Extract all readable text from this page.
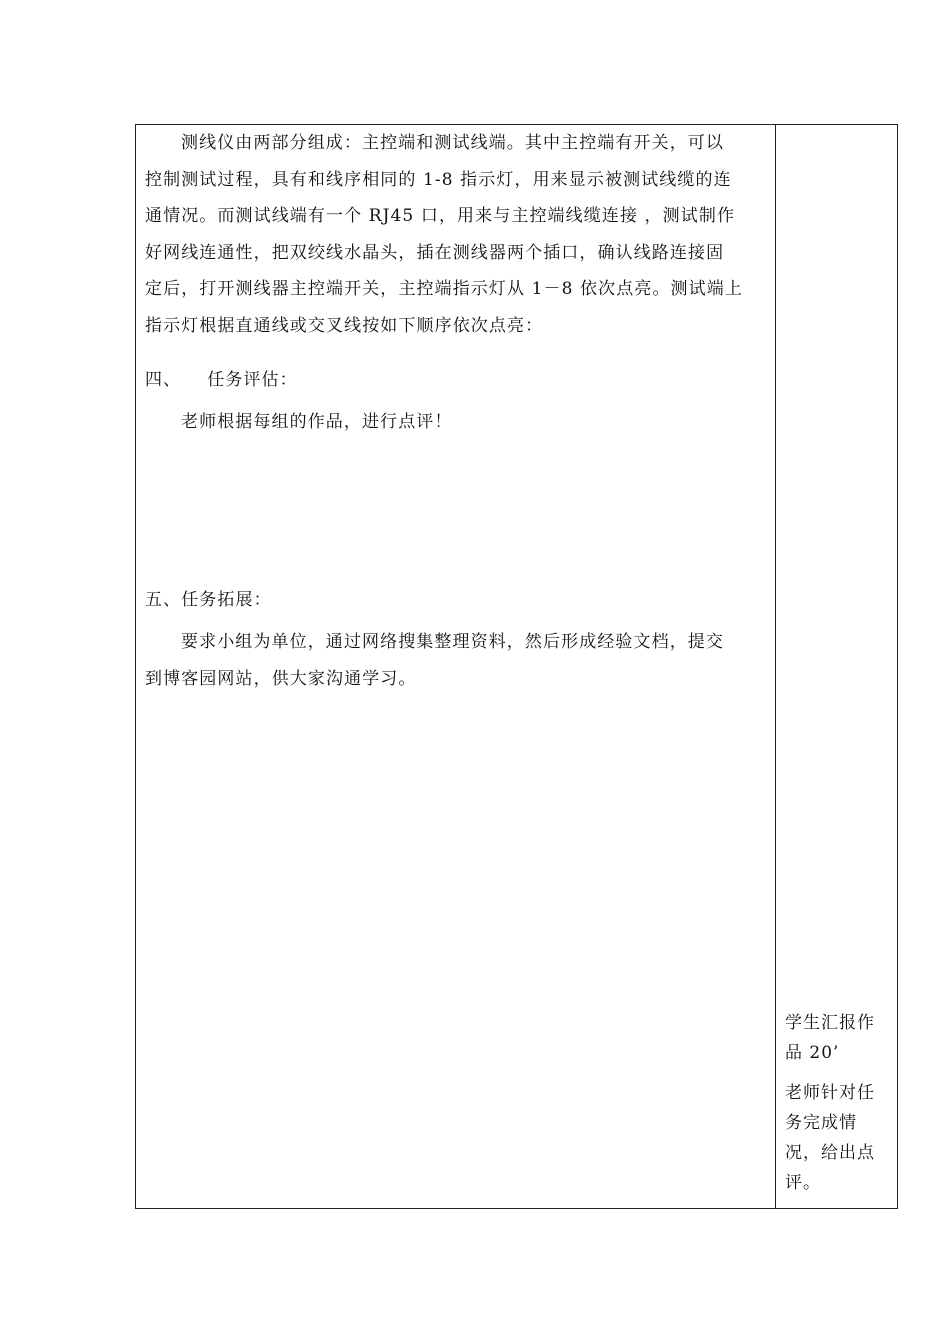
测线仪由两部分组成：主控端和测试线端。其中主控端有开关，可以
控制测试过程，具有和线序相同的 1-8 指示灯，用来显示被测试线缆的连
通情况。而测试线端有一个 RJ45 口，用来与主控端线缆连接 ，测试制作
好网线连通性，把双绞线水晶头，插在测线器两个插口，确认线路连接固
定后，打开测线器主控端开关，主控端指示灯从 1－8 依次点亮。测试端上
指示灯根据直通线或交叉线按如下顺序依次点亮：
四、    任务评估：
老师根据每组的作品，进行点评！
五、任务拓展：
要求小组为单位，通过网络搜集整理资料，然后形成经验文档，提交
到博客园网站，供大家沟通学习。
学生汇报作
品 20’
老师针对任
务完成情
况，给出点
评。
